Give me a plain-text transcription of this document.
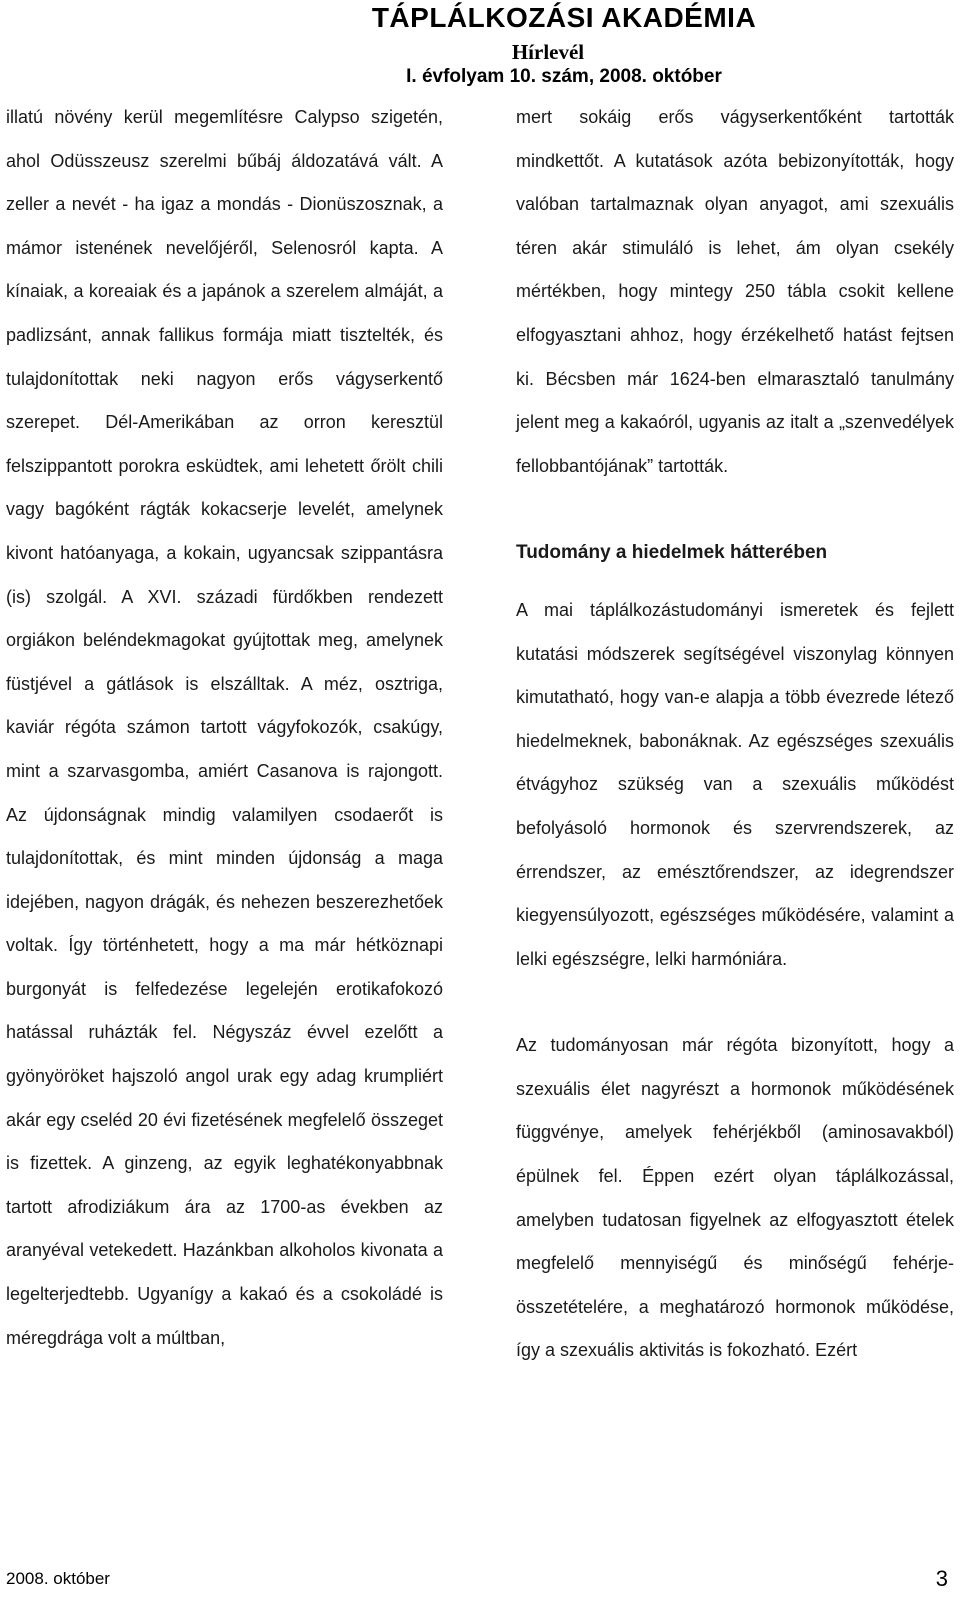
TÁPLÁLKOZÁSI AKADÉMIA
Hírlevél
I. évfolyam 10. szám, 2008. október

illatú növény kerül megemlítésre Calypso szigetén, ahol Odüsszeusz szerelmi bűbáj áldozatává vált. A zeller a nevét - ha igaz a mondás - Dionüszosznak, a mámor istenének nevelőjéről, Selenosról kapta. A kínaiak, a koreaiak és a japánok a szerelem almáját, a padlizsánt, annak fallikus formája miatt tisztelték, és tulajdonítottak neki nagyon erős vágyserkentő szerepet. Dél-Amerikában az orron keresztül felszippantott porokra esküdtek, ami lehetett őrölt chili vagy bagóként rágták kokacserje levelét, amelynek kivont hatóanyaga, a kokain, ugyancsak szippantásra (is) szolgál. A XVI. századi fürdőkben rendezett orgiákon beléndekmagokat gyújtottak meg, amelynek füstjével a gátlások is elszálltak. A méz, osztriga, kaviár régóta számon tartott vágyfokozók, csakúgy, mint a szarvasgomba, amiért Casanova is rajongott. Az újdonságnak mindig valamilyen csodaerőt is tulajdonítottak, és mint minden újdonság a maga idejében, nagyon drágák, és nehezen beszerezhetőek voltak. Így történhetett, hogy a ma már hétköznapi burgonyát is felfedezése legelején erotikafokozó hatással ruházták fel. Négyszáz évvel ezelőtt a gyönyöröket hajszoló angol urak egy adag krumpliért akár egy cseléd 20 évi fizetésének megfelelő összeget is fizettek. A ginzeng, az egyik leghatékonyabbnak tartott afrodiziákum ára az 1700-as években az aranyéval vetekedett. Hazánkban alkoholos kivonata a legelterjedtebb. Ugyanígy a kakaó és a csokoládé is méregdrága volt a múltban,

mert sokáig erős vágyserkentőként tartották mindkettőt. A kutatások azóta bebizonyították, hogy valóban tartalmaznak olyan anyagot, ami szexuális téren akár stimuláló is lehet, ám olyan csekély mértékben, hogy mintegy 250 tábla csokit kellene elfogyasztani ahhoz, hogy érzékelhető hatást fejtsen ki. Bécsben már 1624-ben elmarasztaló tanulmány jelent meg a kakaóról, ugyanis az italt a „szenvedélyek fellobbantójának” tartották.

Tudomány a hiedelmek hátterében

A mai táplálkozástudományi ismeretek és fejlett kutatási módszerek segítségével viszonylag könnyen kimutatható, hogy van-e alapja a több évezrede létező hiedelmeknek, babonáknak. Az egészséges szexuális étvágyhoz szükség van a szexuális működést befolyásoló hormonok és szervrendszerek, az érrendszer, az emésztőrendszer, az idegrendszer kiegyensúlyozott, egészséges működésére, valamint a lelki egészségre, lelki harmóniára.

Az tudományosan már régóta bizonyított, hogy a szexuális élet nagyrészt a hormonok működésének függvénye, amelyek fehérjékből (aminosavakból) épülnek fel. Éppen ezért olyan táplálkozással, amelyben tudatosan figyelnek az elfogyasztott ételek megfelelő mennyiségű és minőségű fehérje-összetételére, a meghatározó hormonok működése, így a szexuális aktivitás is fokozható. Ezért

2008. október	3
